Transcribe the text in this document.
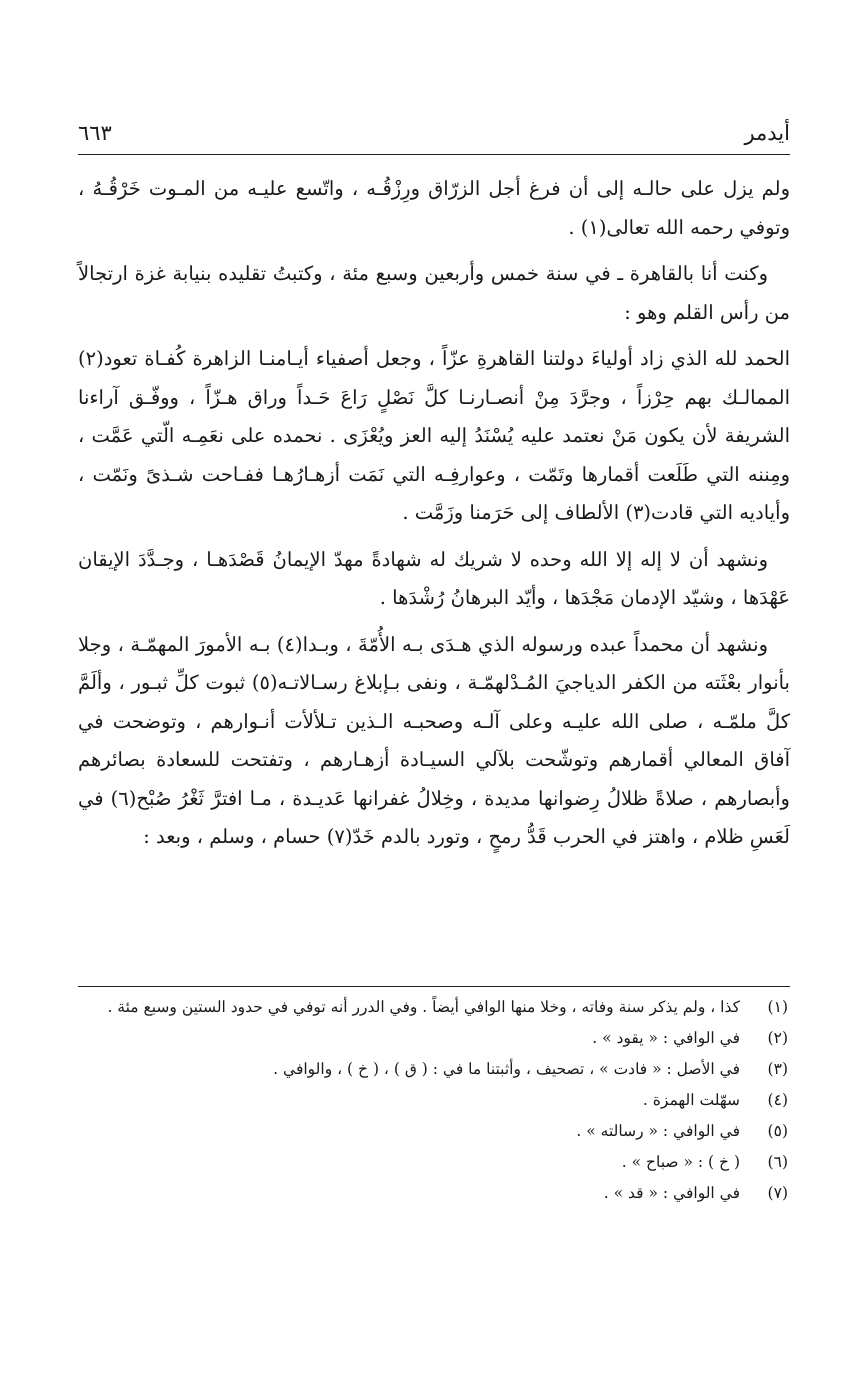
أيدمر
٦٦٣

ولم يزل على حالـه إلى أن فرغ أجل الزرّاق ورِزْقُـه ، واتّسع عليـه من المـوت خَرْقُـهُ ، وتوفي رحمه الله تعالى(١) .

وكنت أنا بالقاهرة ـ في سنة خمس وأربعين وسبع مئة ، وكتبتُ تقليده بنيابة غزة ارتجالاً من رأس القلم وهو :

الحمد لله الذي زاد أولياءَ دولتنا القاهرةِ عزّاً ، وجعل أصفياء أيـامنـا الزاهرة كُفـاة تعود(٢) الممالـك بهم حِرْزاً ، وجرَّدَ مِنْ أنصـارنـا كلَّ نَصْلٍ رَاعَ حَـداً وراق هـزّاً ، ووفّـق آراءنا الشريفة لأن يكون مَنْ نعتمد عليه يُسْنَدُ إليه العز ويُعْزَى . نحمده على نعَمِـه الّتي عَمَّت ، ومِننه التي طَلَعت أقمارها وتَمّت ، وعوارفِـه التي نَمَت أزهـارُهـا ففـاحت شـذىً ونَمّت ، وأياديه التي قادت(٣) الألطاف إلى حَرَمنا وزَمَّت .

ونشهد أن لا إله إلا الله وحده لا شريك له شهادةً مهدّ الإيمانُ قَصْدَهـا ، وجـدَّدَ الإيقان عَهْدَها ، وشيّد الإدمان مَجْدَها ، وأيّد البرهانُ رُشْدَها .

ونشهد أن محمداً عبده ورسوله الذي هـدَى بـه الأُمّةَ ، وبـدا(٤) بـه الأمورَ المهمّـة ، وجلا بأنوار بعْثَته من الكفر الدياجيَ المُـدْلهمّـة ، ونفى بـإبلاغ رسـالاتـه(٥) ثبوت كلِّ ثبـور ، وألَمَّ كلَّ ملمّـه ، صلى الله عليـه وعلى آلـه وصحبـه الـذين تـلألأت أنـوارهم ، وتوضحت في آفاق المعالي أقمارهم وتوشّحت بلآلي السيـادة أزهـارهم ، وتفتحت للسعادة بصائرهم وأبصارهم ، صلاةً ظلالُ رِضوانها مديدة ، وخِلالُ غفرانها عَديـدة ، مـا افترَّ ثَغْرُ صُبْح(٦) في لَعَسِ ظلام ، واهتز في الحرب قَدُّ رمحٍ ، وتورد بالدم خَدّ(٧) حسام ، وسلم ، وبعد :

(١)
كذا ، ولم يذكر سنة وفاته ، وخلا منها الوافي أيضاً . وفي الدرر أنه توفي في حدود الستين وسبع مئة .
(٢)
في الوافي : « يقود » .
(٣)
في الأصل : « فادت » ، تصحيف ، وأثبتنا ما في : ( ق ) ، ( خ ) ، والوافي .
(٤)
سهّلت الهمزة .
(٥)
في الوافي : « رسالته » .
(٦)
( خ ) : « صباح » .
(٧)
في الوافي : « قد » .
